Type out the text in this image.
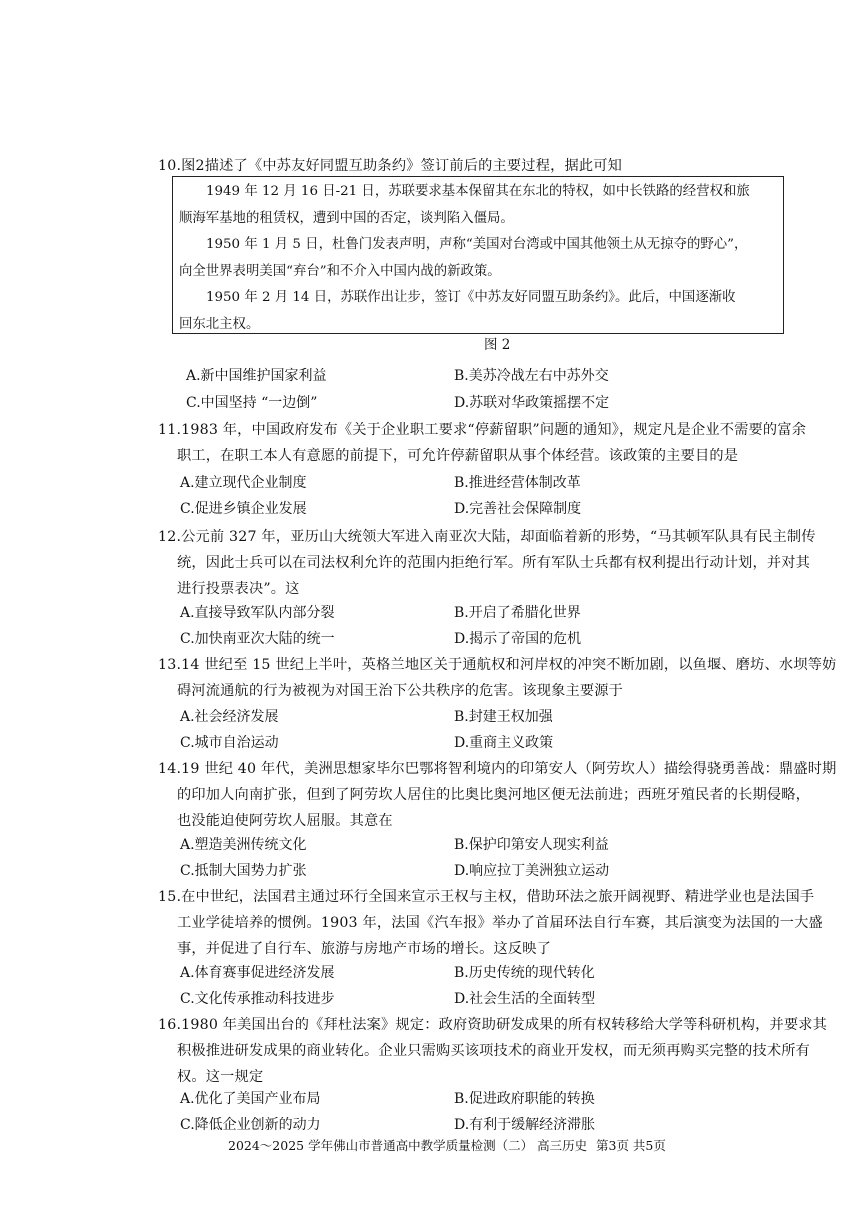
10.图2描述了《中苏友好同盟互助条约》签订前后的主要过程，据此可知
1949 年 12 月 16 日-21 日，苏联要求基本保留其在东北的特权，如中长铁路的经营权和旅
顺海军基地的租赁权，遭到中国的否定，谈判陷入僵局。
1950 年 1 月 5 日，杜鲁门发表声明，声称“美国对台湾或中国其他领土从无掠夺的野心”，
向全世界表明美国“弃台”和不介入中国内战的新政策。
1950 年 2 月 14 日，苏联作出让步，签订《中苏友好同盟互助条约》。此后，中国逐渐收
回东北主权。
图 2
A.新中国维护国家利益	B.美苏冷战左右中苏外交
C.中国坚持 “一边倒”	D.苏联对华政策摇摆不定
11.1983 年，中国政府发布《关于企业职工要求“停薪留职”问题的通知》，规定凡是企业不需要的富余
职工，在职工本人有意愿的前提下，可允许停薪留职从事个体经营。该政策的主要目的是
A.建立现代企业制度	B.推进经营体制改革
C.促进乡镇企业发展	D.完善社会保障制度
12.公元前 327 年，亚历山大统领大军进入南亚次大陆，却面临着新的形势，“马其顿军队具有民主制传
统，因此士兵可以在司法权利允许的范围内拒绝行军。所有军队士兵都有权利提出行动计划，并对其
进行投票表决”。这
A.直接导致军队内部分裂	B.开启了希腊化世界
C.加快南亚次大陆的统一	D.揭示了帝国的危机
13.14 世纪至 15 世纪上半叶，英格兰地区关于通航权和河岸权的冲突不断加剧，以鱼堰、磨坊、水坝等妨
碍河流通航的行为被视为对国王治下公共秩序的危害。该现象主要源于
A.社会经济发展	B.封建王权加强
C.城市自治运动	D.重商主义政策
14.19 世纪 40 年代，美洲思想家毕尔巴鄂将智利境内的印第安人（阿劳坎人）描绘得骁勇善战：鼎盛时期
的印加人向南扩张，但到了阿劳坎人居住的比奥比奥河地区便无法前进；西班牙殖民者的长期侵略，
也没能迫使阿劳坎人屈服。其意在
A.塑造美洲传统文化	B.保护印第安人现实利益
C.抵制大国势力扩张	D.响应拉丁美洲独立运动
15.在中世纪，法国君主通过环行全国来宣示王权与主权，借助环法之旅开阔视野、精进学业也是法国手
工业学徒培养的惯例。1903 年，法国《汽车报》举办了首届环法自行车赛，其后演变为法国的一大盛
事，并促进了自行车、旅游与房地产市场的增长。这反映了
A.体育赛事促进经济发展	B.历史传统的现代转化
C.文化传承推动科技进步	D.社会生活的全面转型
16.1980 年美国出台的《拜杜法案》规定：政府资助研发成果的所有权转移给大学等科研机构，并要求其
积极推进研发成果的商业转化。企业只需购买该项技术的商业开发权，而无须再购买完整的技术所有
权。这一规定
A.优化了美国产业布局	B.促进政府职能的转换
C.降低企业创新的动力	D.有利于缓解经济滞胀
2024～2025 学年佛山市普通高中教学质量检测（二） 高三历史 第3页 共5页
